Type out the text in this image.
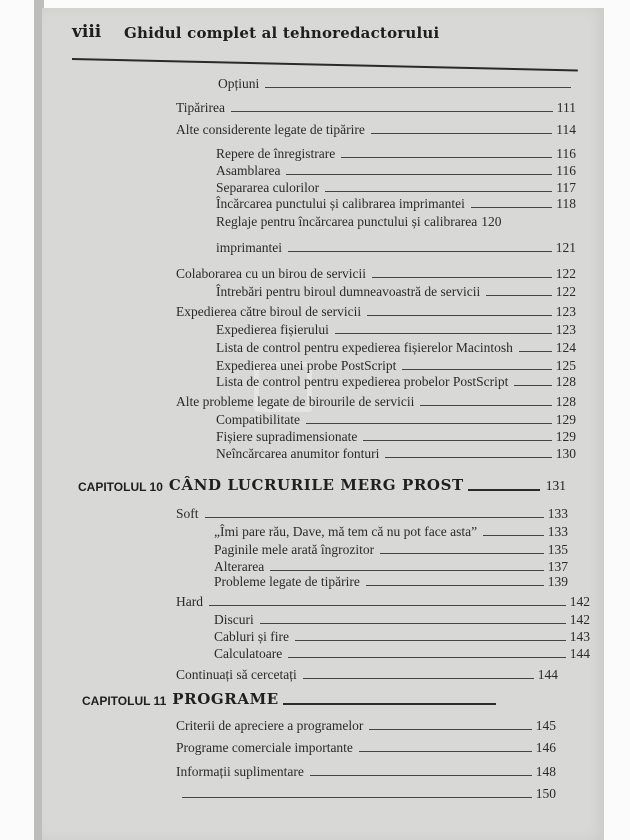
viii Ghidul complet al tehnoredactorului
Opțiuni
Tipărirea	111
Alte considerente legate de tipărire	114
Repere de înregistrare	116
Asamblarea	116
Separarea culorilor	117
Încărcarea punctului și calibrarea imprimantei	118
Reglaje pentru încărcarea punctului și calibrarea 120
imprimantei	121
Colaborarea cu un birou de servicii	122
Întrebări pentru biroul dumneavoastră de servicii	122
Expedierea către biroul de servicii	123
Expedierea fișierului	123
Lista de control pentru expedierea fișierelor Macintosh	124
Expedierea unei probe PostScript	125
Lista de control pentru expedierea probelor PostScript	128
Alte probleme legate de birourile de servicii	128
Compatibilitate	129
Fișiere supradimensionate	129
Neîncărcarea anumitor fonturi	130
CAPITOLUL 10 CÂND LUCRURILE MERG PROST	131
Soft	133
„Îmi pare rău, Dave, mă tem că nu pot face asta”	133
Paginile mele arată îngrozitor	135
Alterarea	137
Probleme legate de tipărire	139
Hard	142
Discuri	142
Cabluri și fire	143
Calculatoare	144
Continuați să cercetați	144
CAPITOLUL 11 PROGRAME
Criterii de apreciere a programelor	145
Programe comerciale importante	146
Informații suplimentare	148
150
